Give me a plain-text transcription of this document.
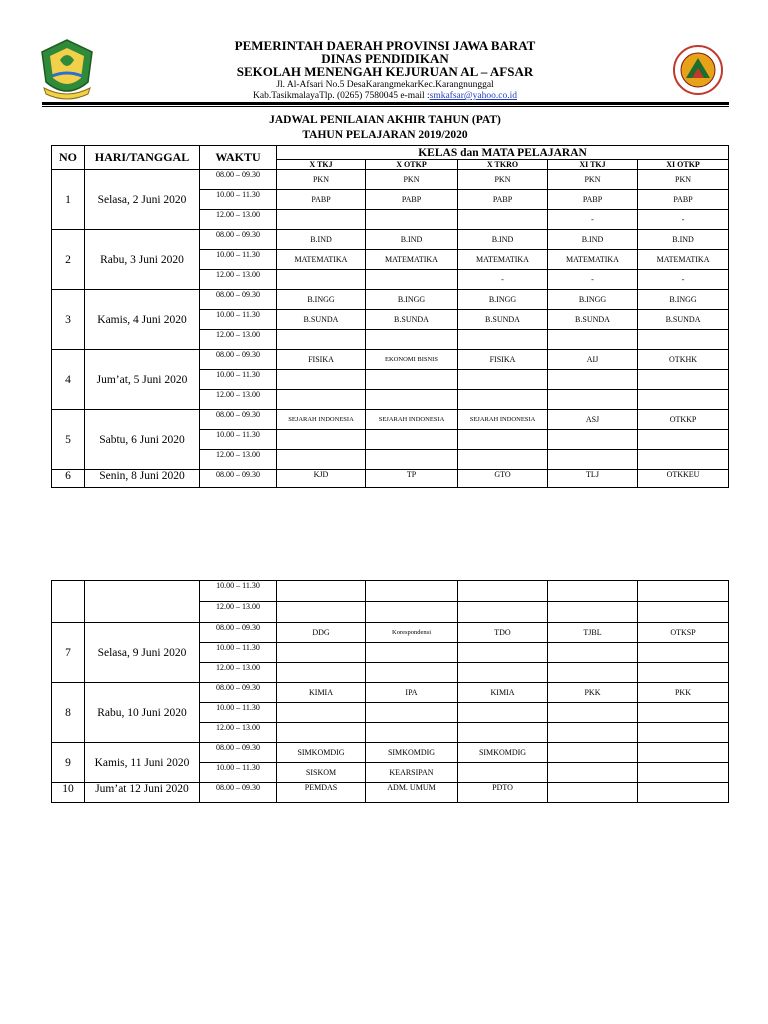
PEMERINTAH DAERAH PROVINSI JAWA BARAT
DINAS PENDIDIKAN
SEKOLAH MENENGAH KEJURUAN AL – AFSAR
Jl. Al-Afsari No.5 DesaKarangmekarKec.Karangnunggal
Kab.TasikmalayaTlp. (0265) 7580045 e-mail :smkafsar@yahoo.co.id
JADWAL PENILAIAN AKHIR TAHUN (PAT)
TAHUN PELAJARAN 2019/2020
NO	HARI/TANGGAL	WAKTU	KELAS dan MATA PELAJARAN				
			X TKJ	X OTKP	X TKRO	XI TKJ	XI OTKP
1	Selasa, 2 Juni 2020	08.00 – 09.30	PKN	PKN	PKN	PKN	PKN
		10.00 – 11.30	PABP	PABP	PABP	PABP	PABP
		12.00 – 13.00				-	-
2	Rabu, 3 Juni 2020	08.00 – 09.30	B.IND	B.IND	B.IND	B.IND	B.IND
		10.00 – 11.30	MATEMATIKA	MATEMATIKA	MATEMATIKA	MATEMATIKA	MATEMATIKA
		12.00 – 13.00			-	-	-
3	Kamis, 4 Juni 2020	08.00 – 09.30	B.INGG	B.INGG	B.INGG	B.INGG	B.INGG
		10.00 – 11.30	B.SUNDA	B.SUNDA	B.SUNDA	B.SUNDA	B.SUNDA
		12.00 – 13.00					
4	Jum’at, 5 Juni 2020	08.00 – 09.30	FISIKA	EKONOMI BISNIS	FISIKA	AIJ	OTKHK
		10.00 – 11.30					
		12.00 – 13.00					
5	Sabtu, 6 Juni 2020	08.00 – 09.30	SEJARAH INDONESIA	SEJARAH INDONESIA	SEJARAH INDONESIA	ASJ	OTKKP
		10.00 – 11.30					
		12.00 – 13.00					
6	Senin, 8 Juni 2020	08.00 – 09.30	KJD	TP	GTO	TLJ	OTKKEU
		10.00 – 11.30					
		12.00 – 13.00					
7	Selasa, 9 Juni 2020	08.00 – 09.30	DDG	Korespondensi	TDO	TJBL	OTKSP
		10.00 – 11.30					
		12.00 – 13.00					
8	Rabu, 10 Juni 2020	08.00 – 09.30	KIMIA	IPA	KIMIA	PKK	PKK
		10.00 – 11.30					
		12.00 – 13.00					
9	Kamis, 11 Juni 2020	08.00 – 09.30	SIMKOMDIG	SIMKOMDIG	SIMKOMDIG		
		10.00 – 11.30	SISKOM	KEARSIPAN			
10	Jum’at 12 Juni 2020	08.00 – 09.30	PEMDAS	ADM. UMUM	PDTO		
